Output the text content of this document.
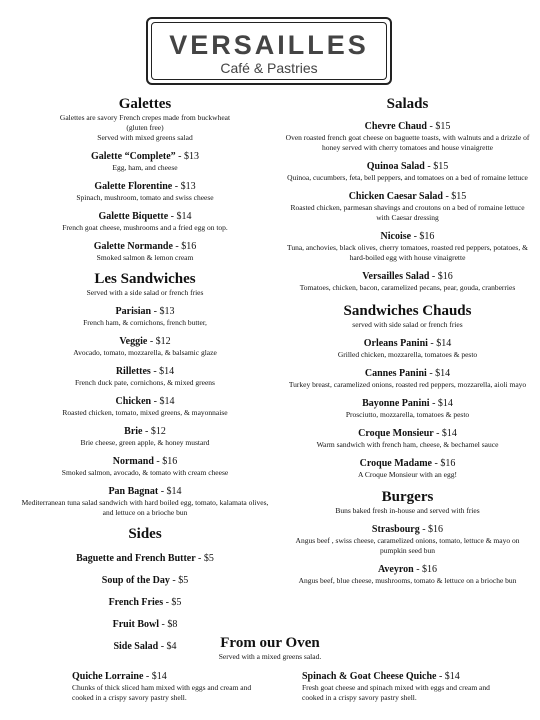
VERSAILLES
Café & Pastries
Galettes
Galettes are savory French crepes made from buckwheat
(gluten free)
Served with mixed greens salad
Galette “Complete” - $13
Egg, ham, and cheese
Galette Florentine - $13
Spinach, mushroom, tomato and swiss cheese
Galette Biquette - $14
French goat cheese, mushrooms and a fried egg on top.
Galette Normande - $16
Smoked salmon & lemon cream
Les Sandwiches
Served with a side salad or french fries
Parisian - $13
French ham, & cornichons, french butter,
Veggie - $12
Avocado, tomato, mozzarella, & balsamic glaze
Rillettes - $14
French duck pate, cornichons, & mixed greens
Chicken - $14
Roasted chicken, tomato, mixed greens, & mayonnaise
Brie - $12
Brie cheese, green apple, & honey mustard
Normand - $16
Smoked salmon, avocado, & tomato with cream cheese
Pan Bagnat - $14
Mediterranean tuna salad sandwich with hard boiled egg, tomato, kalamata olives, and lettuce on a brioche bun
Sides
Baguette and French Butter - $5
Soup of the Day - $5
French Fries - $5
Fruit Bowl - $8
Side Salad - $4
Salads
Chevre Chaud - $15
Oven roasted french goat cheese on baguette toasts, with walnuts and a drizzle of honey served with cherry tomatoes and house vinaigrette
Quinoa Salad - $15
Quinoa, cucumbers, feta, bell peppers, and tomatoes on a bed of romaine lettuce
Chicken Caesar Salad - $15
Roasted chicken, parmesan shavings and croutons on a bed of romaine lettuce with Caesar dressing
Nicoise - $16
Tuna, anchovies, black olives, cherry tomatoes, roasted red peppers, potatoes, & hard-boiled egg with house vinaigrette
Versailles Salad - $16
Tomatoes, chicken, bacon, caramelized pecans, pear, gouda, cranberries
Sandwiches Chauds
served with side salad or french fries
Orleans Panini - $14
Grilled chicken, mozzarella, tomatoes & pesto
Cannes Panini - $14
Turkey breast, caramelized onions, roasted red peppers, mozzarella, aioli mayo
Bayonne Panini - $14
Prosciutto, mozzarella, tomatoes & pesto
Croque Monsieur - $14
Warm sandwich with french ham, cheese, & bechamel sauce
Croque Madame - $16
A Croque Monsieur with an egg!
Burgers
Buns baked fresh in-house and served with fries
Strasbourg - $16
Angus beef , swiss cheese, caramelized onions, tomato, lettuce & mayo on pumpkin seed bun
Aveyron - $16
Angus beef, blue cheese, mushrooms, tomato & lettuce on a brioche bun
From our Oven
Served with a mixed greens salad.
Quiche Lorraine - $14
Chunks of thick sliced ham mixed with eggs and cream and cooked in a crispy savory pastry shell.
Spinach & Goat Cheese Quiche - $14
Fresh goat cheese and spinach mixed with eggs and cream and cooked in a crispy savory pastry shell.
